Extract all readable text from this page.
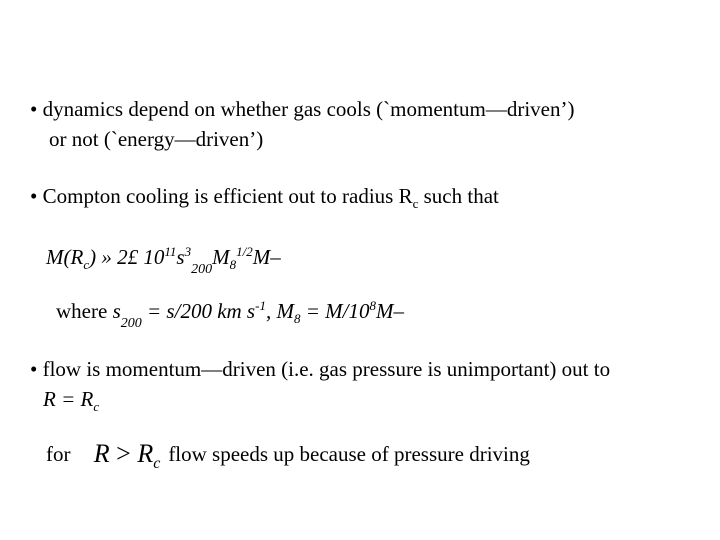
• dynamics depend on whether gas cools (`momentum—driven’)
or not (`energy—driven’)
• Compton cooling is efficient out to radius $R_c$ such that
$M(R_c)$ » 2£ $10^{11}s^3_{200}M_8^{1/2}M-$
where $s_{200} = s/200$ km $s^{-1}$, $M_8 = M/10^8M-$
• flow is momentum—driven (i.e. gas pressure is unimportant) out to
$R = R_c$
for $R > R_c$ flow speeds up because of pressure driving
